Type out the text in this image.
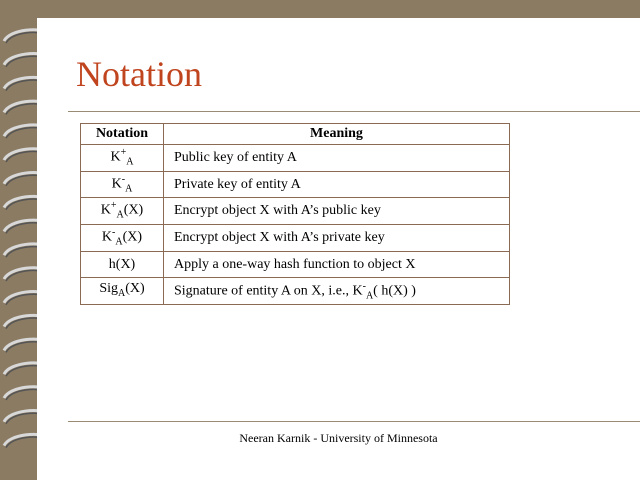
Notation
Notation	Meaning
$K^+_A$	Public key of entity A
$K^-_A$	Private key of entity A
$K^+_A(X)$	Encrypt object X with A’s public key
$K^-_A(X)$	Encrypt object X with A’s private key
h(X)	Apply a one-way hash function to object X
Sig$_A$(X)	Signature of entity A on X, i.e., $K^-_A$( h(X) )
Neeran Karnik - University of Minnesota
